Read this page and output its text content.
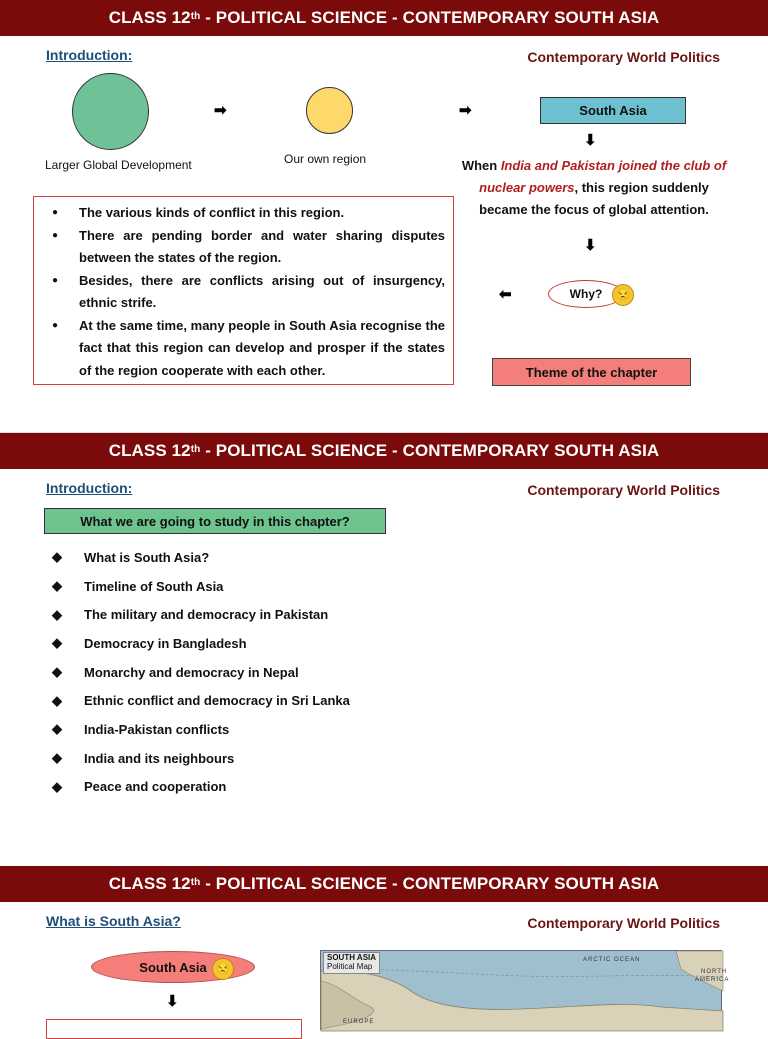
CLASS 12th - POLITICAL SCIENCE - CONTEMPORARY SOUTH ASIA
Introduction:	Contemporary World Politics
Larger Global Development
➡
Our own region
➡	South Asia
⬇
When India and Pakistan joined the club of nuclear powers, this region suddenly became the focus of global attention.
⬇
⬅	Why?	😒
Theme of the chapter
● The various kinds of conflict in this region.
● There are pending border and water sharing disputes between the states of the region.
● Besides, there are conflicts arising out of insurgency, ethnic strife.
● At the same time, many people in South Asia recognise the fact that this region can develop and prosper if the states of the region cooperate with each other.
CLASS 12th - POLITICAL SCIENCE - CONTEMPORARY SOUTH ASIA
Introduction:	Contemporary World Politics
What we are going to study in this chapter?
◆	What is South Asia?
◆	Timeline of South Asia
◆	The military and democracy in Pakistan
◆	Democracy in Bangladesh
◆	Monarchy and democracy in Nepal
◆	Ethnic conflict and democracy in Sri Lanka
◆	India-Pakistan conflicts
◆	India and its neighbours
◆	Peace and cooperation
CLASS 12th - POLITICAL SCIENCE - CONTEMPORARY SOUTH ASIA
What is South Asia?	Contemporary World Politics
South Asia 😒
⬇
SOUTH ASIA
Political Map
ARCTIC OCEAN
NORTH
AMERICA
EUROPE
